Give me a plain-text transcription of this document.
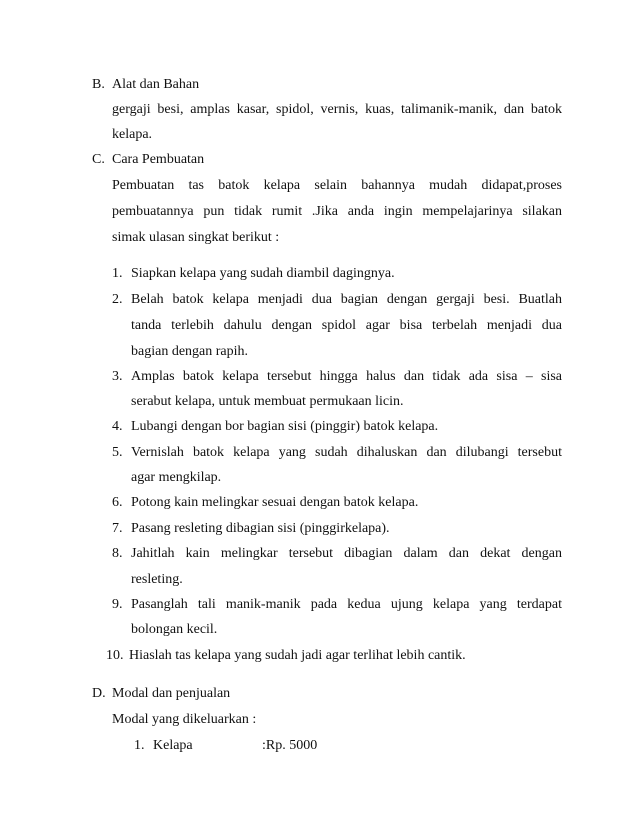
B. Alat dan Bahan
gergaji besi, amplas kasar, spidol, vernis, kuas, talimanik-manik, dan batok
kelapa.
C. Cara Pembuatan
Pembuatan tas batok kelapa selain bahannya mudah didapat,proses
pembuatannya pun tidak rumit .Jika anda ingin mempelajarinya silakan
simak ulasan singkat berikut :
1. Siapkan kelapa yang sudah diambil dagingnya.
2. Belah batok kelapa menjadi dua bagian dengan gergaji besi. Buatlah
tanda terlebih dahulu dengan spidol agar bisa terbelah menjadi dua
bagian dengan rapih.
3. Amplas batok kelapa tersebut hingga halus dan tidak ada sisa – sisa
serabut kelapa, untuk membuat permukaan licin.
4. Lubangi dengan bor bagian sisi (pinggir) batok kelapa.
5. Vernislah batok kelapa yang sudah dihaluskan dan dilubangi tersebut
agar mengkilap.
6. Potong kain melingkar sesuai dengan batok kelapa.
7. Pasang resleting dibagian sisi (pinggirkelapa).
8. Jahitlah kain melingkar tersebut dibagian dalam dan dekat dengan
resleting.
9. Pasanglah tali manik-manik pada kedua ujung kelapa yang terdapat
bolongan kecil.
10. Hiaslah tas kelapa yang sudah jadi agar terlihat lebih cantik.
D. Modal dan penjualan
Modal yang dikeluarkan :
1. Kelapa	:Rp. 5000
